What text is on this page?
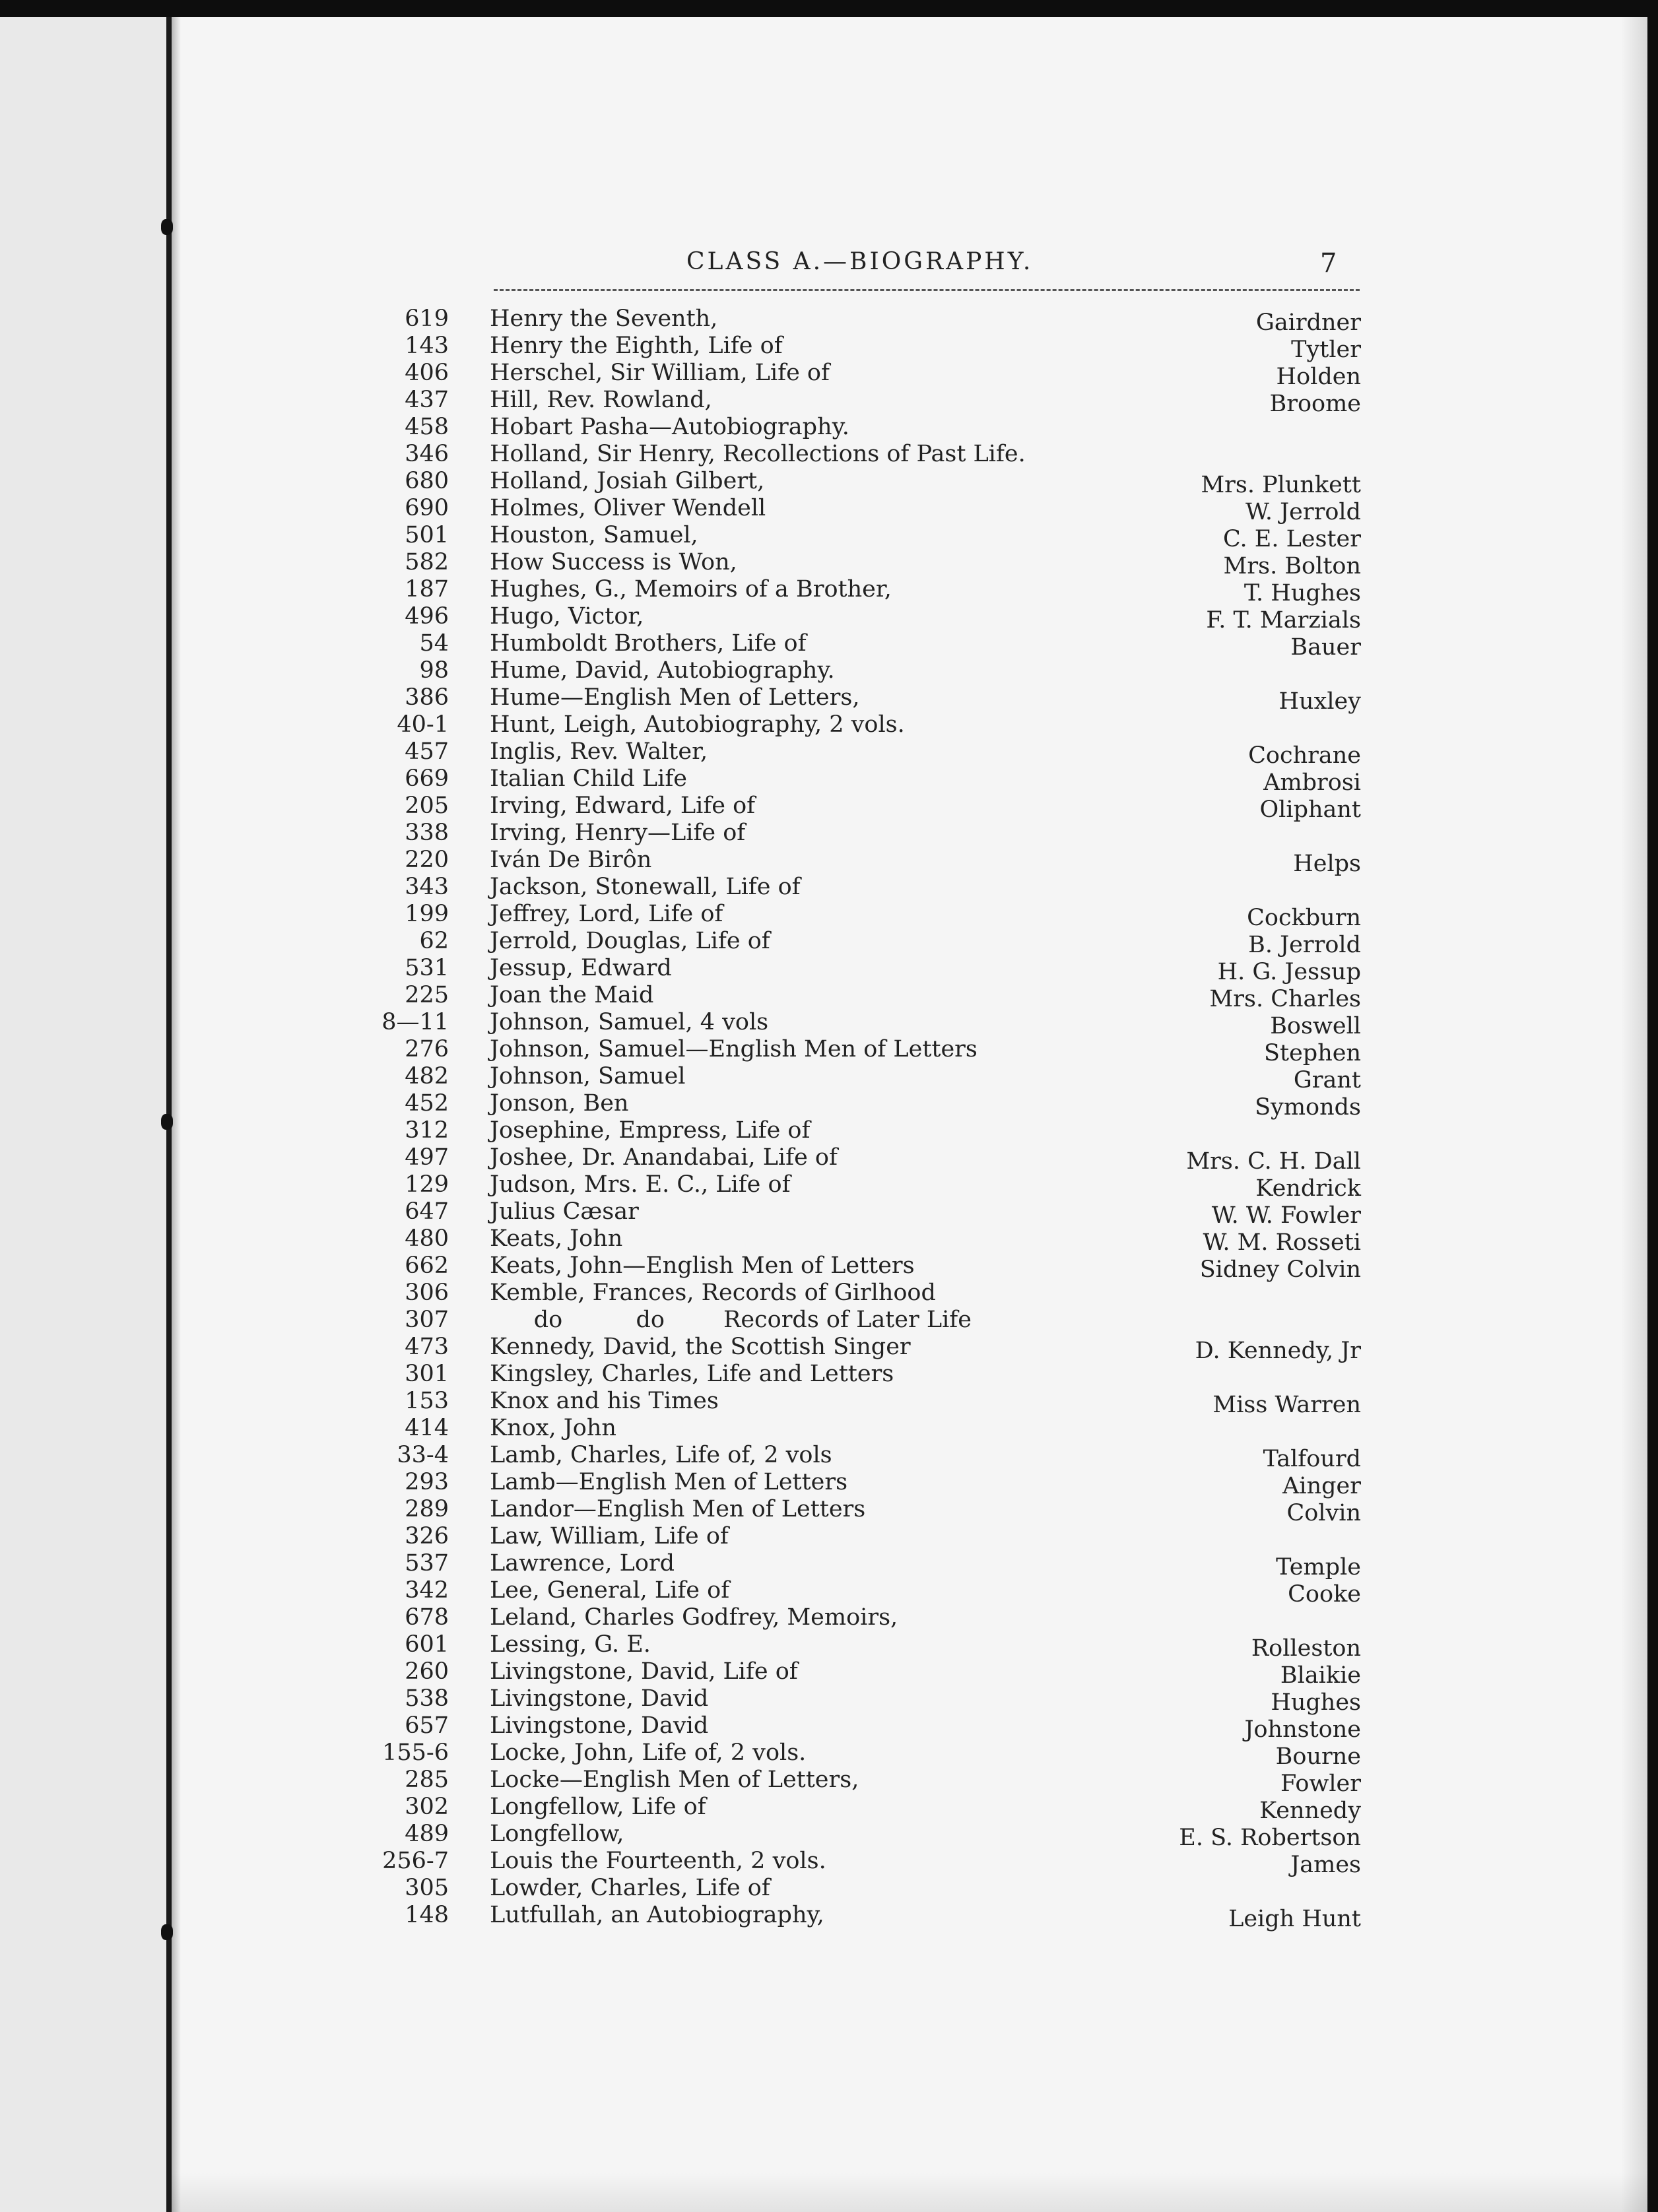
CLASS A.—BIOGRAPHY.	7
619 Henry the Seventh,	Gairdner
143 Henry the Eighth, Life of	Tytler
406 Herschel, Sir William, Life of	Holden
437 Hill, Rev. Rowland,	Broome
458 Hobart Pasha—Autobiography.
346 Holland, Sir Henry, Recollections of Past Life.
680 Holland, Josiah Gilbert,	Mrs. Plunkett
690 Holmes, Oliver Wendell	W. Jerrold
501 Houston, Samuel,	C. E. Lester
582 How Success is Won,	Mrs. Bolton
187 Hughes, G., Memoirs of a Brother,	T. Hughes
496 Hugo, Victor,	F. T. Marzials
54 Humboldt Brothers, Life of	Bauer
98 Hume, David, Autobiography.
386 Hume—English Men of Letters,	Huxley
40-1 Hunt, Leigh, Autobiography, 2 vols.
457 Inglis, Rev. Walter,	Cochrane
669 Italian Child Life	Ambrosi
205 Irving, Edward, Life of	Oliphant
338 Irving, Henry—Life of
220 Iván De Birôn	Helps
343 Jackson, Stonewall, Life of
199 Jeffrey, Lord, Life of	Cockburn
62 Jerrold, Douglas, Life of	B. Jerrold
531 Jessup, Edward	H. G. Jessup
225 Joan the Maid	Mrs. Charles
8—11 Johnson, Samuel, 4 vols	Boswell
276 Johnson, Samuel—English Men of Letters	Stephen
482 Johnson, Samuel	Grant
452 Jonson, Ben	Symonds
312 Josephine, Empress, Life of
497 Joshee, Dr. Anandabai, Life of	Mrs. C. H. Dall
129 Judson, Mrs. E. C., Life of	Kendrick
647 Julius Cæsar	W. W. Fowler
480 Keats, John	W. M. Rosseti
662 Keats, John—English Men of Letters	Sidney Colvin
306 Kemble, Frances, Records of Girlhood
307 do          do        Records of Later Life
473 Kennedy, David, the Scottish Singer	D. Kennedy, Jr
301 Kingsley, Charles, Life and Letters
153 Knox and his Times	Miss Warren
414 Knox, John
33-4 Lamb, Charles, Life of, 2 vols	Talfourd
293 Lamb—English Men of Letters	Ainger
289 Landor—English Men of Letters	Colvin
326 Law, William, Life of
537 Lawrence, Lord	Temple
342 Lee, General, Life of	Cooke
678 Leland, Charles Godfrey, Memoirs,
601 Lessing, G. E.	Rolleston
260 Livingstone, David, Life of	Blaikie
538 Livingstone, David	Hughes
657 Livingstone, David	Johnstone
155-6 Locke, John, Life of, 2 vols.	Bourne
285 Locke—English Men of Letters,	Fowler
302 Longfellow, Life of	Kennedy
489 Longfellow,	E. S. Robertson
256-7 Louis the Fourteenth, 2 vols.	James
305 Lowder, Charles, Life of
148 Lutfullah, an Autobiography,	Leigh Hunt
